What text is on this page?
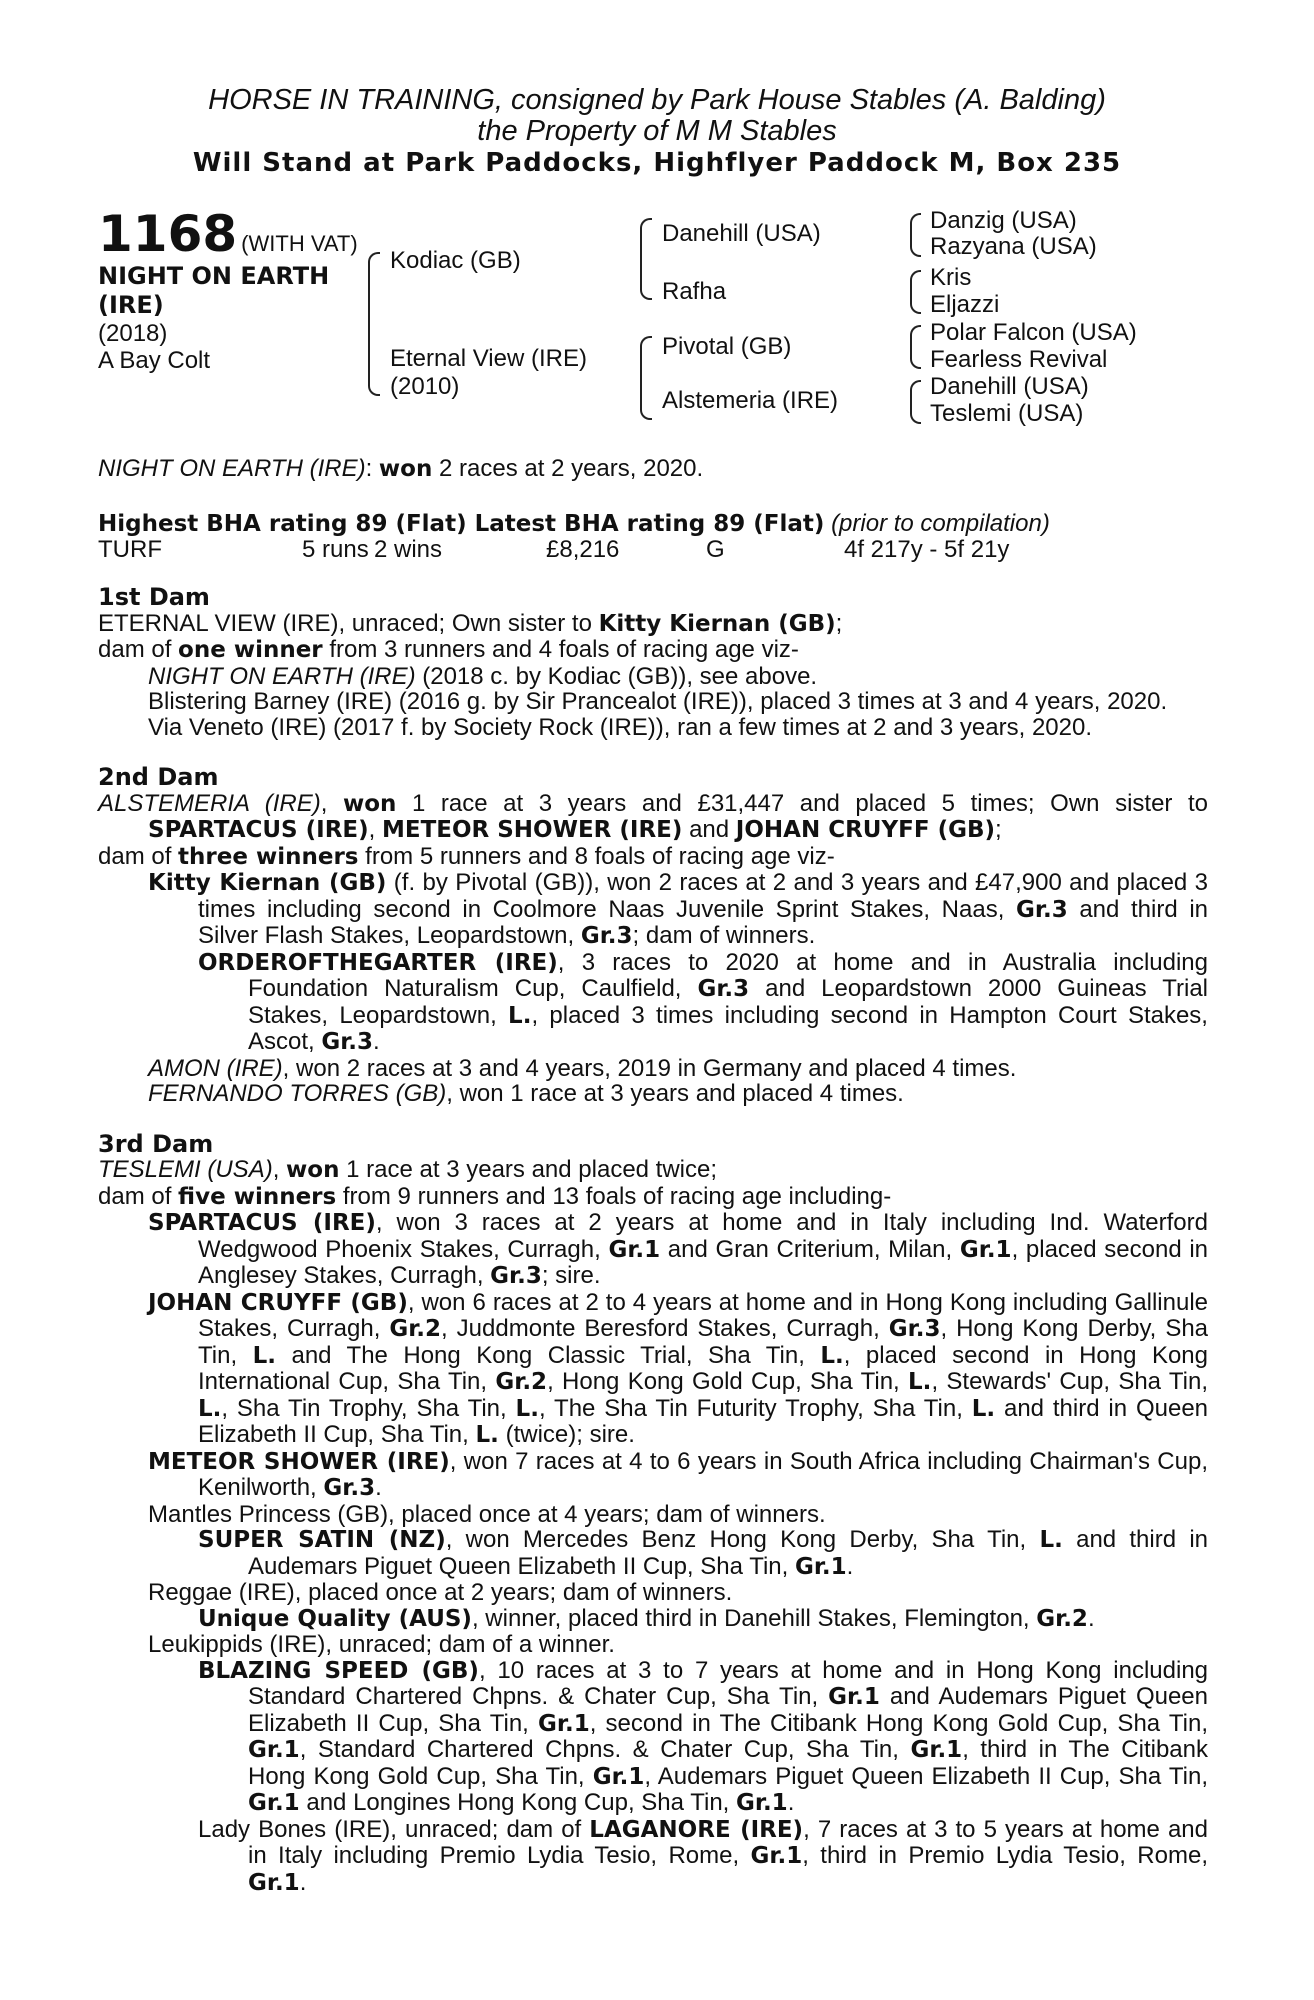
HORSE IN TRAINING, consigned by Park House Stables (A. Balding)
the Property of M M Stables
Will Stand at Park Paddocks, Highflyer Paddock M, Box 235
1168 (WITH VAT)
NIGHT ON EARTH
(IRE)
(2018)
A Bay Colt
Kodiac (GB)
Eternal View (IRE)
(2010)
Danehill (USA)
Rafha
Pivotal (GB)
Alstemeria (IRE)
Danzig (USA)
Razyana (USA)
Kris
Eljazzi
Polar Falcon (USA)
Fearless Revival
Danehill (USA)
Teslemi (USA)
NIGHT ON EARTH (IRE): won 2 races at 2 years, 2020.
Highest BHA rating 89 (Flat) Latest BHA rating 89 (Flat) (prior to compilation)
TURF	5 runs 2 wins	£8,216	G	4f 217y - 5f 21y

1st Dam

ETERNAL VIEW (IRE), unraced; Own sister to Kitty Kiernan (GB);

dam of one winner from 3 runners and 4 foals of racing age viz-

NIGHT ON EARTH (IRE) (2018 c. by Kodiac (GB)), see above.

Blistering Barney (IRE) (2016 g. by Sir Prancealot (IRE)), placed 3 times at 3 and 4 years, 2020.

Via Veneto (IRE) (2017 f. by Society Rock (IRE)), ran a few times at 2 and 3 years, 2020.

2nd Dam

ALSTEMERIA (IRE), won 1 race at 3 years and £31,447 and placed 5 times; Own sister to SPARTACUS (IRE), METEOR SHOWER (IRE) and JOHAN CRUYFF (GB);

dam of three winners from 5 runners and 8 foals of racing age viz-

Kitty Kiernan (GB) (f. by Pivotal (GB)), won 2 races at 2 and 3 years and £47,900 and placed 3 times including second in Coolmore Naas Juvenile Sprint Stakes, Naas, Gr.3 and third in Silver Flash Stakes, Leopardstown, Gr.3; dam of winners.

ORDEROFTHEGARTER (IRE), 3 races to 2020 at home and in Australia including Foundation Naturalism Cup, Caulfield, Gr.3 and Leopardstown 2000 Guineas Trial Stakes, Leopardstown, L., placed 3 times including second in Hampton Court Stakes, Ascot, Gr.3.

AMON (IRE), won 2 races at 3 and 4 years, 2019 in Germany and placed 4 times.

FERNANDO TORRES (GB), won 1 race at 3 years and placed 4 times.

3rd Dam

TESLEMI (USA), won 1 race at 3 years and placed twice;

dam of five winners from 9 runners and 13 foals of racing age including-

SPARTACUS (IRE), won 3 races at 2 years at home and in Italy including Ind. Waterford Wedgwood Phoenix Stakes, Curragh, Gr.1 and Gran Criterium, Milan, Gr.1, placed second in Anglesey Stakes, Curragh, Gr.3; sire.

JOHAN CRUYFF (GB), won 6 races at 2 to 4 years at home and in Hong Kong including Gallinule Stakes, Curragh, Gr.2, Juddmonte Beresford Stakes, Curragh, Gr.3, Hong Kong Derby, Sha Tin, L. and The Hong Kong Classic Trial, Sha Tin, L., placed second in Hong Kong International Cup, Sha Tin, Gr.2, Hong Kong Gold Cup, Sha Tin, L., Stewards' Cup, Sha Tin, L., Sha Tin Trophy, Sha Tin, L., The Sha Tin Futurity Trophy, Sha Tin, L. and third in Queen Elizabeth II Cup, Sha Tin, L. (twice); sire.

METEOR SHOWER (IRE), won 7 races at 4 to 6 years in South Africa including Chairman's Cup, Kenilworth, Gr.3.

Mantles Princess (GB), placed once at 4 years; dam of winners.

SUPER SATIN (NZ), won Mercedes Benz Hong Kong Derby, Sha Tin, L. and third in Audemars Piguet Queen Elizabeth II Cup, Sha Tin, Gr.1.

Reggae (IRE), placed once at 2 years; dam of winners.

Unique Quality (AUS), winner, placed third in Danehill Stakes, Flemington, Gr.2.

Leukippids (IRE), unraced; dam of a winner.

BLAZING SPEED (GB), 10 races at 3 to 7 years at home and in Hong Kong including Standard Chartered Chpns. & Chater Cup, Sha Tin, Gr.1 and Audemars Piguet Queen Elizabeth II Cup, Sha Tin, Gr.1, second in The Citibank Hong Kong Gold Cup, Sha Tin, Gr.1, Standard Chartered Chpns. & Chater Cup, Sha Tin, Gr.1, third in The Citibank Hong Kong Gold Cup, Sha Tin, Gr.1, Audemars Piguet Queen Elizabeth II Cup, Sha Tin, Gr.1 and Longines Hong Kong Cup, Sha Tin, Gr.1.

Lady Bones (IRE), unraced; dam of LAGANORE (IRE), 7 races at 3 to 5 years at home and in Italy including Premio Lydia Tesio, Rome, Gr.1, third in Premio Lydia Tesio, Rome, Gr.1.
